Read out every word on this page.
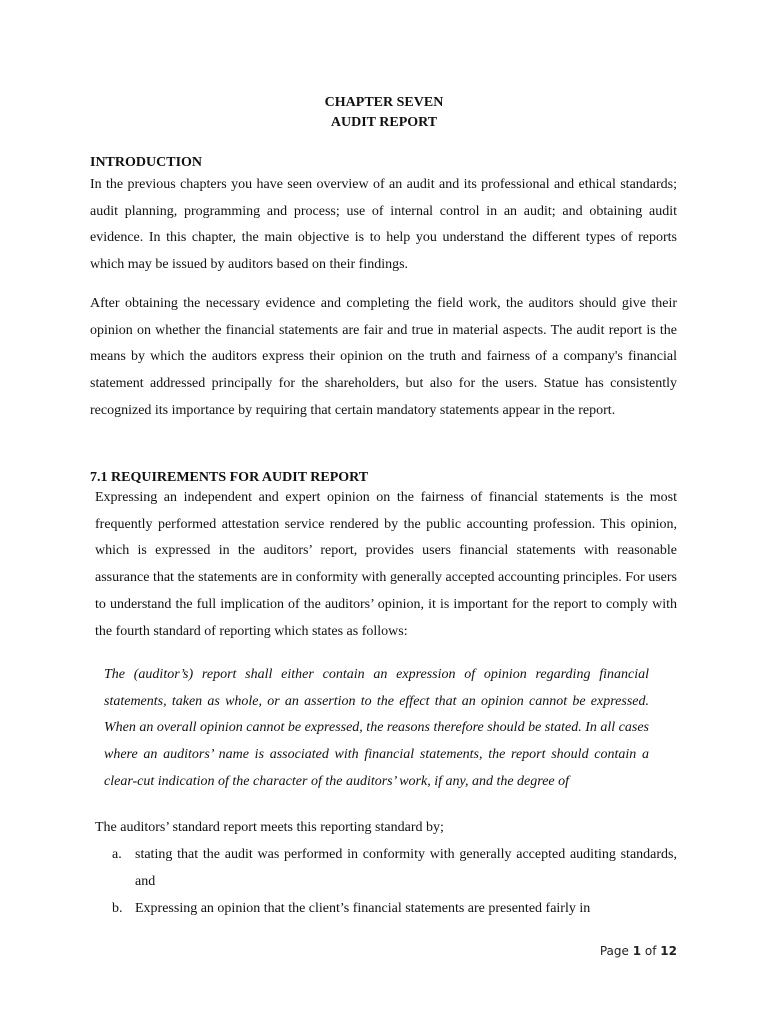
CHAPTER SEVEN
AUDIT REPORT
INTRODUCTION
In the previous chapters you have seen overview of an audit and its professional and ethical standards; audit planning, programming and process; use of internal control in an audit; and obtaining audit evidence. In this chapter, the main objective is to help you understand the different types of reports which may be issued by auditors based on their findings.
After obtaining the necessary evidence and completing the field work, the auditors should give their opinion on whether the financial statements are fair and true in material aspects. The audit report is the means by which the auditors express their opinion on the truth and fairness of a company's financial statement addressed principally for the shareholders, but also for the users. Statue has consistently recognized its importance by requiring that certain mandatory statements appear in the report.
7.1 REQUIREMENTS FOR AUDIT REPORT
Expressing an independent and expert opinion on the fairness of financial statements is the most frequently performed attestation service rendered by the public accounting profession. This opinion, which is expressed in the auditors’ report, provides users financial statements with reasonable assurance that the statements are in conformity with generally accepted accounting principles. For users to understand the full implication of the auditors’ opinion, it is important for the report to comply with the fourth standard of reporting which states as follows:
The (auditor’s) report shall either contain an expression of opinion regarding financial statements, taken as whole, or an assertion to the effect that an opinion cannot be expressed. When an overall opinion cannot be expressed, the reasons therefore should be stated. In all cases where an auditors’ name is associated with financial statements, the report should contain a clear-cut indication of the character of the auditors’ work, if any, and the degree of
The auditors’ standard report meets this reporting standard by;
a. stating that the audit was performed in conformity with generally accepted auditing standards, and
b. Expressing an opinion that the client’s financial statements are presented fairly in
Page 1 of 12
